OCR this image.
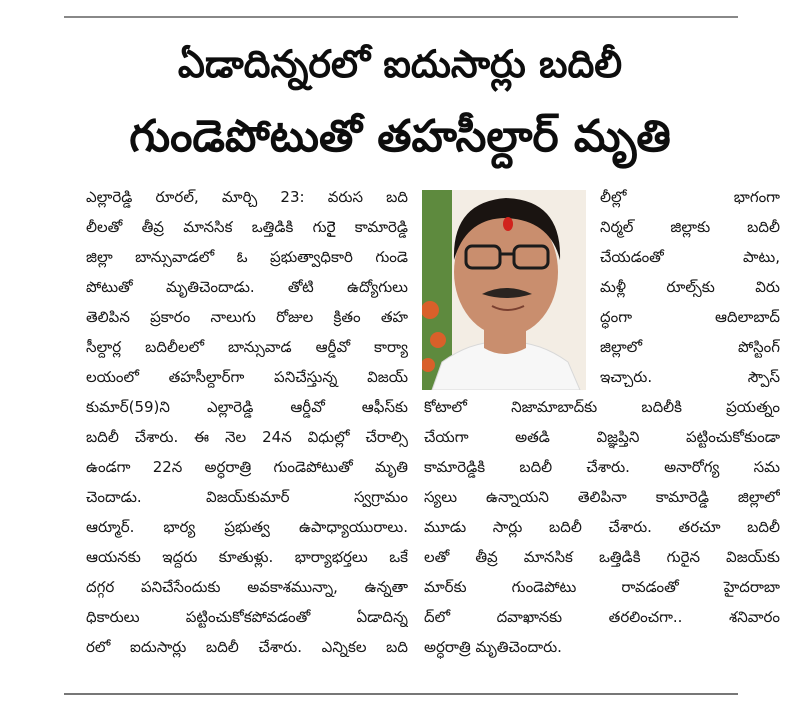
ఏడాదిన్నరలో ఐదుసార్లు బదిలీ
గుండెపోటుతో తహసీల్దార్ మృతి
ఎల్లారెడ్డి రూరల్, మార్చి 23: వరుస బది
లీలతో తీవ్ర మానసిక ఒత్తిడికి గురైై కామారెడ్డి
జిల్లా బాన్సువాడలో ఓ ప్రభుత్వాధికారి గుండె
పోటుతో మృతిచెందాడు. తోటి ఉద్యోగులు
తెలిపిన ప్రకారం నాలుగు రోజుల క్రితం తహ
సీల్దార్ల బదిలీలలో బాన్సువాడ ఆర్డీవో కార్యా
లయంలో తహసీల్దార్‌గా పనిచేస్తున్న విజయ్
కుమార్(59)ని ఎల్లారెడ్డి ఆర్డీవో ఆఫీస్‌కు
బదిలీ చేశారు. ఈ నెల 24న విధుల్లో చేరాల్సి
ఉండగా 22న అర్ధరాత్రి గుండెపోటుతో మృతి
చెందాడు. విజయ్‌కుమార్ స్వగ్రామం
ఆర్మూర్. భార్య ప్రభుత్వ ఉపాధ్యాయురాలు.
ఆయనకు ఇద్దరు కూతుళ్లు. భార్యాభర్తలు ఒకే
దగ్గర పనిచేసేందుకు అవకాశమున్నా, ఉన్నతా
ధికారులు పట్టించుకోకపోవడంతో ఏడాదిన్న
రలో ఐదుసార్లు బదిలీ చేశారు. ఎన్నికల బది
లీల్లో భాగంగా
నిర్మల్ జిల్లాకు బదిలీ
చేయడంతో పాటు,
మళ్లీ రూల్స్‌కు విరు
ద్ధంగా ఆదిలాబాద్
జిల్లాలో పోస్టింగ్
ఇచ్చారు. స్పౌస్
కోటాలో నిజామాబాద్‌కు బదిలీకి ప్రయత్నం
చేయగా అతడి విజ్ఞప్తిని పట్టించుకోకుండా
కామారెడ్డికి బదిలీ చేశారు. అనారోగ్య సమ
స్యలు ఉన్నాయని తెలిపినా కామారెడ్డి జిల్లాలో
మూడు సార్లు బదిలీ చేశారు. తరచూ బదిలీ
లతో తీవ్ర మానసిక ఒత్తిడికి గురైన విజయ్‌కు
మార్‌కు గుండెపోటు రావడంతో హైదరాబా
ద్‌లో దవాఖానకు తరలించగా.. శనివారం
అర్ధరాత్రి మృతిచెందారు.
